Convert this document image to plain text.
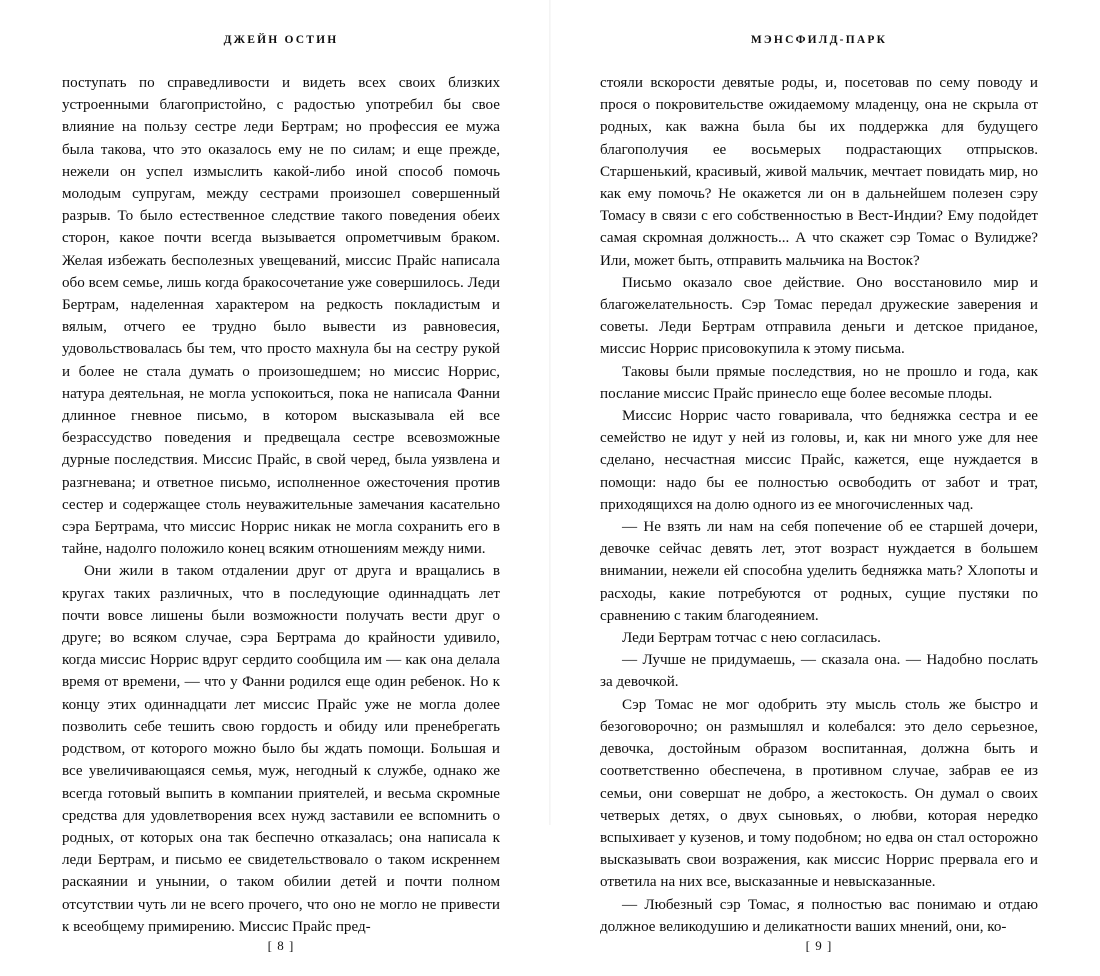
ДЖЕЙН ОСТИН

поступать по справедливости и видеть всех своих близких устроенными благопристойно, с радостью употребил бы свое влияние на пользу сестре леди Бертрам; но профессия ее мужа была такова, что это оказалось ему не по силам; и еще прежде, нежели он успел измыслить какой-либо иной способ помочь молодым супругам, между сестрами произошел совершенный разрыв. То было естественное следствие такого поведения обеих сторон, какое почти всегда вызывается опрометчивым браком. Желая избежать бесполезных увещеваний, миссис Прайс написала обо всем семье, лишь когда бракосочетание уже совершилось. Леди Бертрам, наделенная характером на редкость покладистым и вялым, отчего ее трудно было вывести из равновесия, удовольствовалась бы тем, что просто махнула бы на сестру рукой и более не стала думать о произошедшем; но миссис Норрис, натура деятельная, не могла успокоиться, пока не написала Фанни длинное гневное письмо, в котором высказывала ей все безрассудство поведения и предвещала сестре всевозможные дурные последствия. Миссис Прайс, в свой черед, была уязвлена и разгневана; и ответное письмо, исполненное ожесточения против сестер и содержащее столь неуважительные замечания касательно сэра Бертрама, что миссис Норрис никак не могла сохранить его в тайне, надолго положило конец всяким отношениям между ними.

Они жили в таком отдалении друг от друга и вращались в кругах таких различных, что в последующие одиннадцать лет почти вовсе лишены были возможности получать вести друг о друге; во всяком случае, сэра Бертрама до крайности удивило, когда миссис Норрис вдруг сердито сообщила им — как она делала время от времени, — что у Фанни родился еще один ребенок. Но к концу этих одиннадцати лет миссис Прайс уже не могла долее позволить себе тешить свою гордость и обиду или пренебрегать родством, от которого можно было бы ждать помощи. Большая и все увеличивающаяся семья, муж, негодный к службе, однако же всегда готовый выпить в компании приятелей, и весьма скромные средства для удовлетворения всех нужд заставили ее вспомнить о родных, от которых она так беспечно отказалась; она написала к леди Бертрам, и письмо ее свидетельствовало о таком искреннем раскаянии и унынии, о таком обилии детей и почти полном отсутствии чуть ли не всего прочего, что оно не могло не привести к всеобщему примирению. Миссис Прайс пред-

[ 8 ]
МЭНСФИЛД-ПАРК

стояли вскорости девятые роды, и, посетовав по сему поводу и прося о покровительстве ожидаемому младенцу, она не скрыла от родных, как важна была бы их поддержка для будущего благополучия ее восьмерых подрастающих отпрысков. Старшенький, красивый, живой мальчик, мечтает повидать мир, но как ему помочь? Не окажется ли он в дальнейшем полезен сэру Томасу в связи с его собственностью в Вест-Индии? Ему подойдет самая скромная должность... А что скажет сэр Томас о Вулидже? Или, может быть, отправить мальчика на Восток?

Письмо оказало свое действие. Оно восстановило мир и благожелательность. Сэр Томас передал дружеские заверения и советы. Леди Бертрам отправила деньги и детское приданое, миссис Норрис присовокупила к этому письма.

Таковы были прямые последствия, но не прошло и года, как послание миссис Прайс принесло еще более весомые плоды.

Миссис Норрис часто говаривала, что бедняжка сестра и ее семейство не идут у ней из головы, и, как ни много уже для нее сделано, несчастная миссис Прайс, кажется, еще нуждается в помощи: надо бы ее полностью освободить от забот и трат, приходящихся на долю одного из ее многочисленных чад.

— Не взять ли нам на себя попечение об ее старшей дочери, девочке сейчас девять лет, этот возраст нуждается в большем внимании, нежели ей способна уделить бедняжка мать? Хлопоты и расходы, какие потребуются от родных, сущие пустяки по сравнению с таким благодеянием.

Леди Бертрам тотчас с нею согласилась.

— Лучше не придумаешь, — сказала она. — Надобно послать за девочкой.

Сэр Томас не мог одобрить эту мысль столь же быстро и безоговорочно; он размышлял и колебался: это дело серьезное, девочка, достойным образом воспитанная, должна быть и соответственно обеспечена, в противном случае, забрав ее из семьи, они совершат не добро, а жестокость. Он думал о своих четверых детях, о двух сыновьях, о любви, которая нередко вспыхивает у кузенов, и тому подобном; но едва он стал осторожно высказывать свои возражения, как миссис Норрис прервала его и ответила на них все, высказанные и невысказанные.

— Любезный сэр Томас, я полностью вас понимаю и отдаю должное великодушию и деликатности ваших мнений, они, ко-

[ 9 ]
